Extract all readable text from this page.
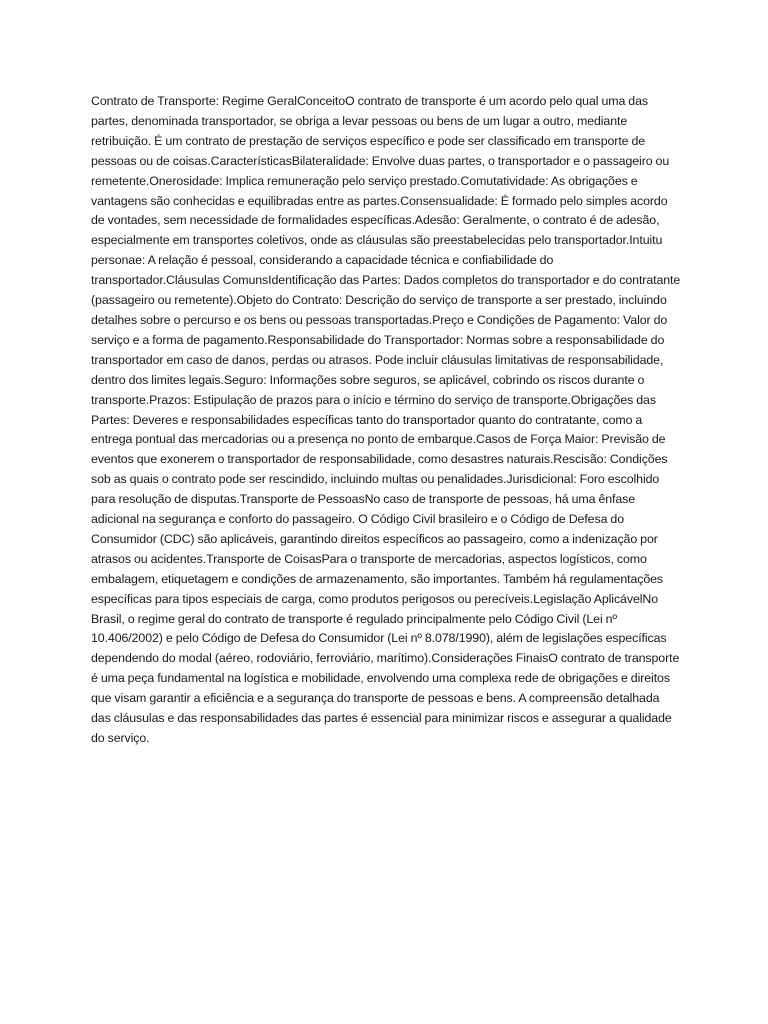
Contrato de Transporte: Regime GeralConceitoO contrato de transporte é um acordo pelo qual uma das partes, denominada transportador, se obriga a levar pessoas ou bens de um lugar a outro, mediante retribuição. É um contrato de prestação de serviços específico e pode ser classificado em transporte de pessoas ou de coisas.CaracterísticasBilateralidade: Envolve duas partes, o transportador e o passageiro ou remetente.Onerosidade: Implica remuneração pelo serviço prestado.Comutatividade: As obrigações e vantagens são conhecidas e equilibradas entre as partes.Consensualidade: É formado pelo simples acordo de vontades, sem necessidade de formalidades específicas.Adesão: Geralmente, o contrato é de adesão, especialmente em transportes coletivos, onde as cláusulas são preestabelecidas pelo transportador.Intuitu personae: A relação é pessoal, considerando a capacidade técnica e confiabilidade do transportador.Cláusulas ComunsIdentificação das Partes: Dados completos do transportador e do contratante (passageiro ou remetente).Objeto do Contrato: Descrição do serviço de transporte a ser prestado, incluindo detalhes sobre o percurso e os bens ou pessoas transportadas.Preço e Condições de Pagamento: Valor do serviço e a forma de pagamento.Responsabilidade do Transportador: Normas sobre a responsabilidade do transportador em caso de danos, perdas ou atrasos. Pode incluir cláusulas limitativas de responsabilidade, dentro dos limites legais.Seguro: Informações sobre seguros, se aplicável, cobrindo os riscos durante o transporte.Prazos: Estipulação de prazos para o início e término do serviço de transporte.Obrigações das Partes: Deveres e responsabilidades específicas tanto do transportador quanto do contratante, como a entrega pontual das mercadorias ou a presença no ponto de embarque.Casos de Força Maior: Previsão de eventos que exonerem o transportador de responsabilidade, como desastres naturais.Rescisão: Condições sob as quais o contrato pode ser rescindido, incluindo multas ou penalidades.Jurisdicional: Foro escolhido para resolução de disputas.Transporte de PessoasNo caso de transporte de pessoas, há uma ênfase adicional na segurança e conforto do passageiro. O Código Civil brasileiro e o Código de Defesa do Consumidor (CDC) são aplicáveis, garantindo direitos específicos ao passageiro, como a indenização por atrasos ou acidentes.Transporte de CoisasPara o transporte de mercadorias, aspectos logísticos, como embalagem, etiquetagem e condições de armazenamento, são importantes. Também há regulamentações específicas para tipos especiais de carga, como produtos perigosos ou perecíveis.Legislação AplicávelNo Brasil, o regime geral do contrato de transporte é regulado principalmente pelo Código Civil (Lei nº 10.406/2002) e pelo Código de Defesa do Consumidor (Lei nº 8.078/1990), além de legislações específicas dependendo do modal (aéreo, rodoviário, ferroviário, marítimo).Considerações FinaisO contrato de transporte é uma peça fundamental na logística e mobilidade, envolvendo uma complexa rede de obrigações e direitos que visam garantir a eficiência e a segurança do transporte de pessoas e bens. A compreensão detalhada das cláusulas e das responsabilidades das partes é essencial para minimizar riscos e assegurar a qualidade do serviço.
